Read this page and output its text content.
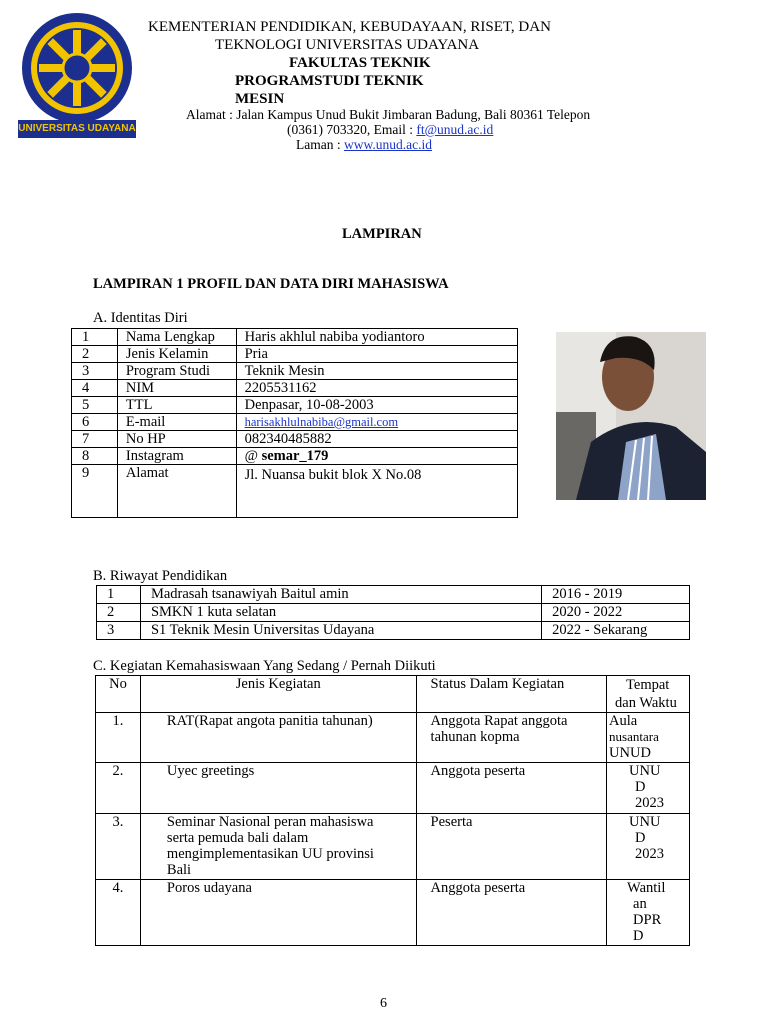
UNIVERSITAS UDAYANA
KEMENTERIAN PENDIDIKAN, KEBUDAYAAN, RISET, DAN
TEKNOLOGI UNIVERSITAS UDAYANA
FAKULTAS TEKNIK
PROGRAMSTUDI TEKNIK
MESIN
Alamat : Jalan Kampus Unud Bukit Jimbaran Badung, Bali 80361 Telepon
(0361) 703320, Email : ft@unud.ac.id
Laman : www.unud.ac.id
LAMPIRAN
LAMPIRAN 1 PROFIL DAN DATA DIRI MAHASISWA
A. Identitas Diri
1	Nama Lengkap	Haris akhlul nabiba yodiantoro
2	Jenis Kelamin	Pria
3	Program Studi	Teknik Mesin
4	NIM	2205531162
5	TTL	Denpasar, 10-08-2003
6	E-mail	harisakhlulnabiba@gmail.com
7	No HP	082340485882
8	Instagram	@ semar_179
9	Alamat	Jl. Nuansa bukit blok X No.08
B. Riwayat Pendidikan
1	Madrasah tsanawiyah Baitul amin	2016 - 2019
2	SMKN 1 kuta selatan	2020 - 2022
3	S1 Teknik Mesin Universitas Udayana	2022 - Sekarang
C. Kegiatan Kemahasiswaan Yang Sedang / Pernah Diikuti
No	Jenis Kegiatan	Status Dalam Kegiatan	Tempat
dan Waktu

1.	RAT(Rapat angota panitia tahunan)	Anggota Rapat anggota tahunan kopma	Aula
nusantara
UNUD

2.	Uyec greetings	Anggota peserta	UNU
D
2023

3.	Seminar Nasional peran mahasiswa serta pemuda bali dalam mengimplementasikan UU provinsi Bali	Peserta	UNU
D
2023

4.	Poros udayana	Anggota peserta	Wantil
an
DPR
D
6
